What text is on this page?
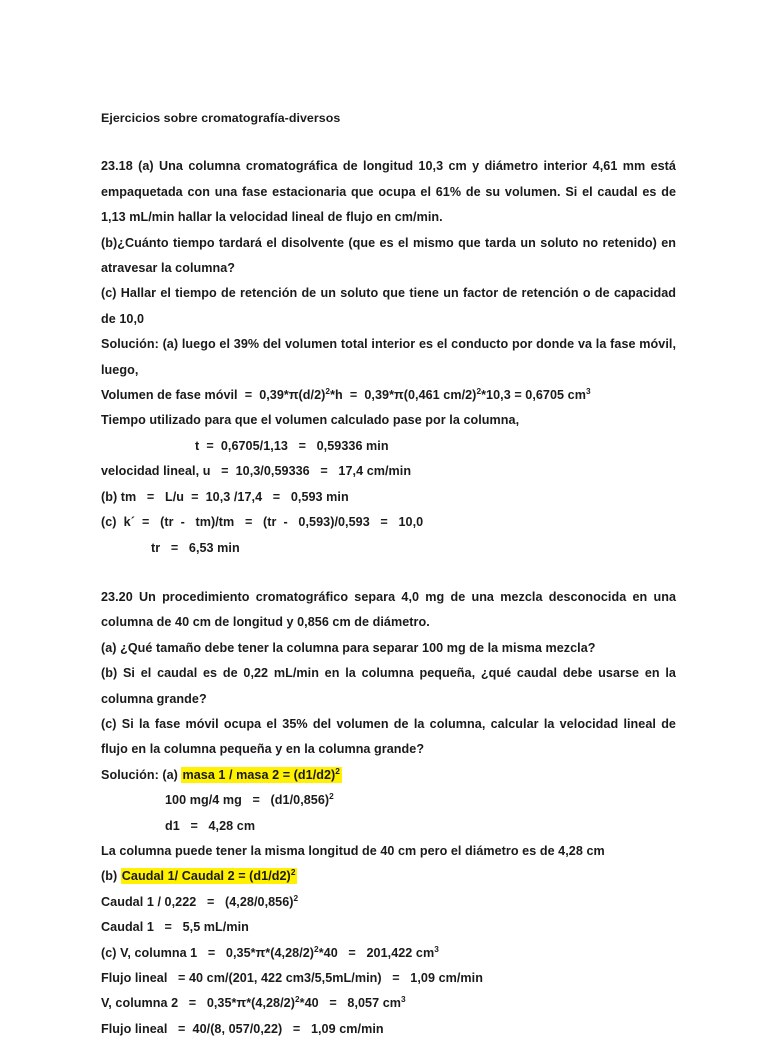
Ejercicios sobre cromatografía-diversos

23.18 (a) Una columna cromatográfica de longitud 10,3 cm y diámetro interior 4,61 mm está empaquetada con una fase estacionaria que ocupa el 61% de su volumen. Si el caudal es de 1,13 mL/min hallar la velocidad lineal de flujo en cm/min.

(b)¿Cuánto tiempo tardará el disolvente (que es el mismo que tarda un soluto no retenido) en atravesar la columna?

(c) Hallar el tiempo de retención de un soluto que tiene un factor de retención o de capacidad de 10,0

Solución: (a) luego el 39% del volumen total interior es el conducto por donde va la fase móvil, luego,

Volumen de fase móvil  =  $0,39*\pi(d/2)^2*h = 0,39*\pi(0,461$ cm/2)$^2$*10,3 = 0,6705 $cm^3$

Tiempo utilizado para que el volumen calculado pase por la columna,

t  =  0,6705/1,13   =   0,59336 min

velocidad lineal, u   =  10,3/0,59336   =   17,4 cm/min

(b) tm   =   L/u  =  10,3 /17,4   =   0,593 min

(c)  k´  =   (tr  -   tm)/tm   =   (tr  -   0,593)/0,593   =   10,0

tr   =   6,53 min

23.20 Un procedimiento cromatográfico separa 4,0 mg de una mezcla desconocida en una columna de 40 cm de longitud y 0,856 cm de diámetro.

(a) ¿Qué tamaño debe tener la columna para separar 100 mg de la misma mezcla?

(b) Si el caudal es de 0,22 mL/min en la columna pequeña, ¿qué caudal debe usarse en la columna grande?

(c) Si la fase móvil ocupa el 35% del volumen de la columna, calcular la velocidad lineal de flujo en la columna pequeña y en la columna grande?

Solución: (a) masa 1 / masa $2 = (d1/d2)^2$

100 mg/4 mg   =   $(d1/0,856)^2$

d1   =   4,28 cm

La columna puede tener la misma longitud de 40 cm pero el diámetro es de 4,28 cm

(b) Caudal 1/ Caudal $2 = (d1/d2)^2$

Caudal $1 / 0,222 = (4,28/0,856)^2$

Caudal 1   =   5,5 mL/min

(c) V, columna $1 = 0,35*\pi*(4,28/2)^2*40 = 201,422$ $cm^3$

Flujo lineal   = 40 cm/(201, 422 cm3/5,5mL/min)   =   1,09 cm/min

V, columna $2 = 0,35*\pi*(4,28/2)^2*40 = 8,057$ $cm^3$

Flujo lineal   =  40/(8, 057/0,22)   =   1,09 cm/min
